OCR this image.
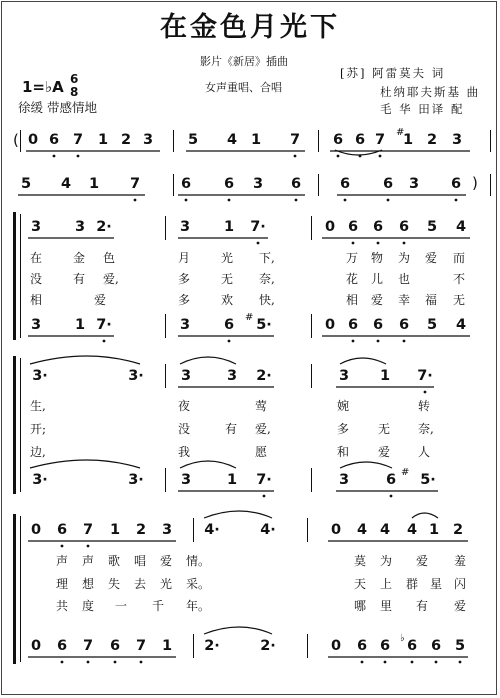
在金色月光下
影片《新居》插曲
女声重唱、合唱
1=♭A 6
8
徐缓 带感情地
[苏] 阿雷莫夫 词
杜纳耶夫斯基 曲
毛 华 田译 配
( 0 6 7	1 2 3	5	4 1	7	6 6 7	1 2	3
#
)
5	4	1	7	6	6	3	6	6	6	3	6
3	3 2·	3	1	7·	0 6	6	6	5	4
在	金 色	月	光 下,	万 物 为 爱 而
没	有 爱,	多	无 奈,	花 儿 也	不
相	爱	多	欢 快,	相 爱 幸 福 无
3	1 7·	3	6	5·
#	0 6	6	6	5	4
3·	3·	3	3	2·	3	1	7·
生,	夜	莺	婉	转
开;	没	有 爱,	多 无 奈,
边,	我	愿	和 爱 人
3·	3·	3	1	7·	3	6 # 5·
0	6	7	1	2	3	4·	4·	0	4 4	4 1 2
声 声 歌 唱 爱 情。	莫 为 爱 羞
理 想 失 去 光 采。	天 上 群 星 闪
共 度 一 千 年。	哪 里 有 爱
0	6	7	6	7	1	2·	2·	0	6 6	6
♭	6 5
